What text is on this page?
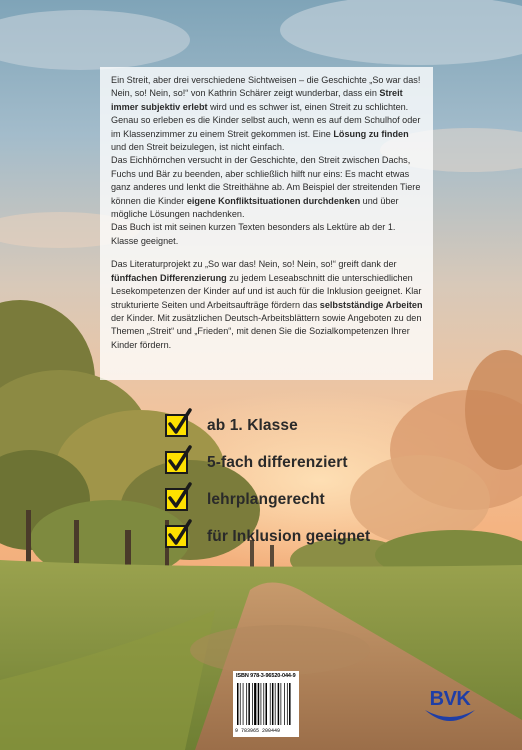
Ein Streit, aber drei verschiedene Sichtweisen – die Geschichte „So war das! Nein, so! Nein, so!“ von Kathrin Schärer zeigt wunderbar, dass ein Streit immer subjektiv erlebt wird und es schwer ist, einen Streit zu schlichten. Genau so erleben es die Kinder selbst auch, wenn es auf dem Schulhof oder im Klassenzimmer zu einem Streit gekommen ist. Eine Lösung zu finden und den Streit beizulegen, ist nicht einfach.

Das Eichhörnchen versucht in der Geschichte, den Streit zwischen Dachs, Fuchs und Bär zu beenden, aber schließlich hilft nur eins: Es macht etwas ganz anderes und lenkt die Streithähne ab. Am Beispiel der streitenden Tiere können die Kinder eigene Konfliktsituationen durchdenken und über mögliche Lösungen nachdenken.

Das Buch ist mit seinen kurzen Texten besonders als Lektüre ab der 1. Klasse geeignet.

Das Literaturprojekt zu „So war das! Nein, so! Nein, so!“ greift dank der fünffachen Differenzierung zu jedem Leseabschnitt die unterschiedlichen Lesekompetenzen der Kinder auf und ist auch für die Inklusion geeignet. Klar strukturierte Seiten und Arbeitsaufträge fördern das selbstständige Arbeiten der Kinder. Mit zusätzlichen Deutsch-Arbeitsblättern sowie Angeboten zu den Themen „Streit“ und „Frieden“, mit denen Sie die Sozialkompetenzen Ihrer Kinder fördern.

ab 1. Klasse
5-fach differenziert
lehrplangerecht
für Inklusion geeignet
ISBN 978-3-96520-044-9
9 783965 200449
BVK
